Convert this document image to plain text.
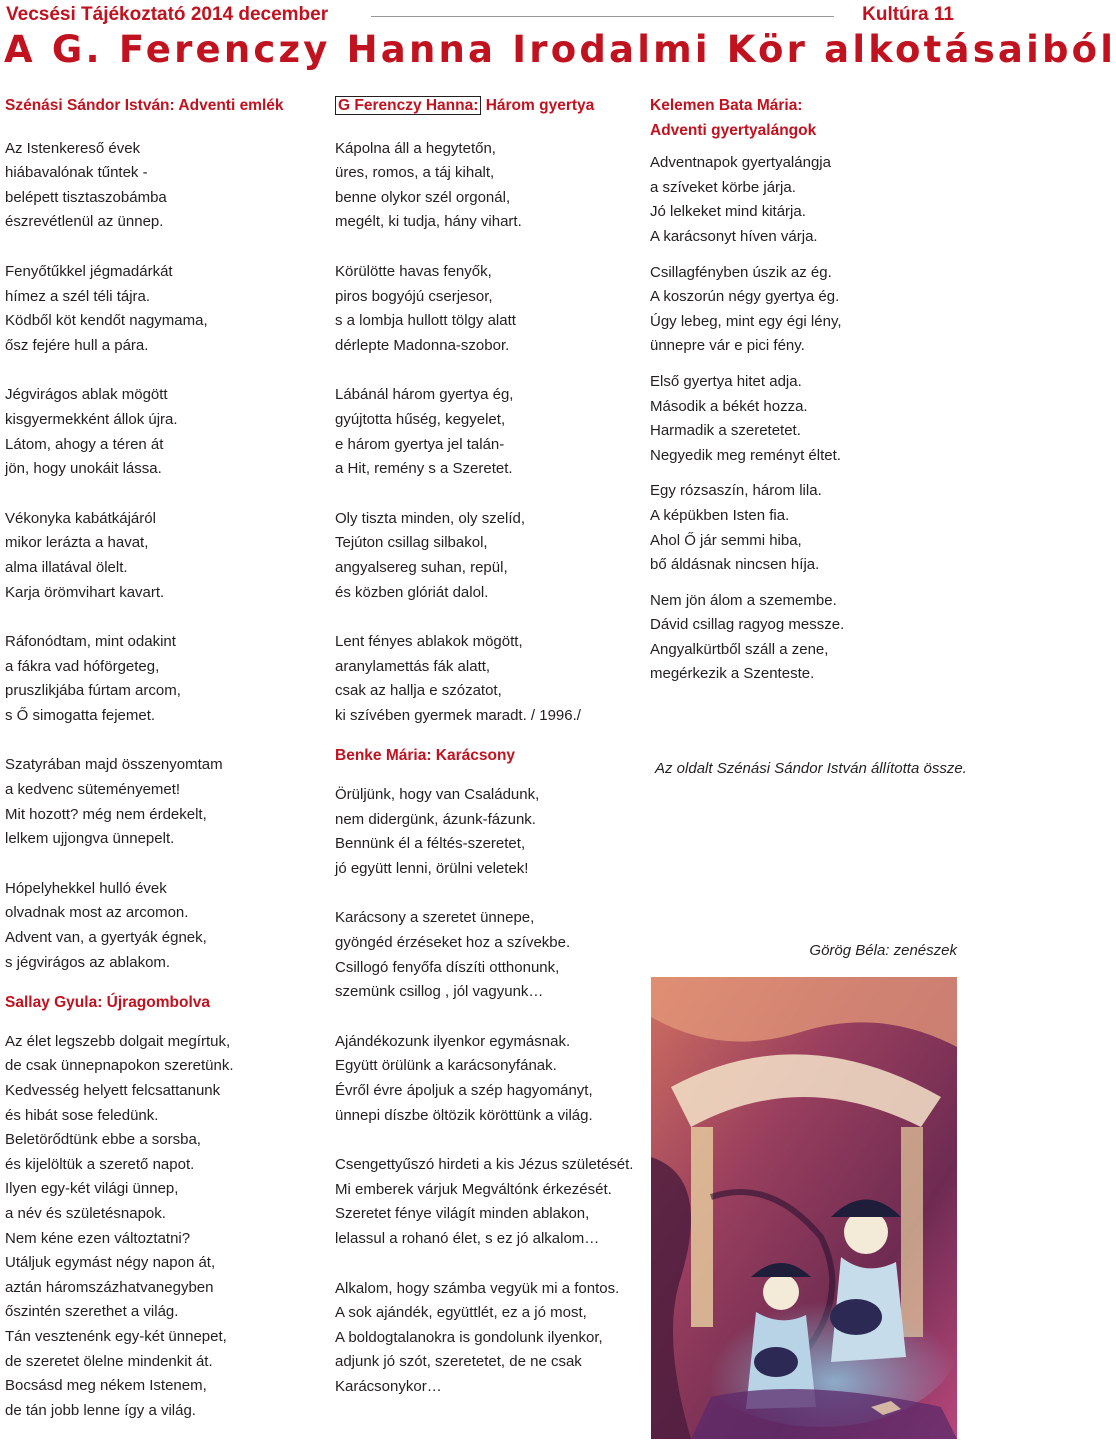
Vecsési Tájékoztató 2014 december	Kultúra 11
A G. Ferenczy Hanna Irodalmi Kör alkotásaiból

Szénási Sándor István: Adventi emlék

Az Istenkereső évek
hiábavalónak tűntek -
belépett tisztaszobámba
észrevétlenül az ünnep.
Fenyőtűkkel jégmadárkát
hímez a szél téli tájra.
Ködből köt kendőt nagymama,
ősz fejére hull a pára.
Jégvirágos ablak mögött
kisgyermekként állok újra.
Látom, ahogy a téren át
jön, hogy unokáit lássa.
Vékonyka kabátkájáról
mikor lerázta a havat,
alma illatával ölelt.
Karja örömvihart kavart.
Ráfonódtam, mint odakint
a fákra vad hóförgeteg,
pruszlikjába fúrtam arcom,
s Ő simogatta fejemet.
Szatyrában majd összenyomtam
a kedvenc süteményemet!
Mit hozott? még nem érdekelt,
lelkem ujjongva ünnepelt.
Hópelyhekkel hulló évek
olvadnak most az arcomon.
Advent van, a gyertyák égnek,
s jégvirágos az ablakom.

Sallay Gyula: Újragombolva

Az élet legszebb dolgait megírtuk,
de csak ünnepnapokon szeretünk.
Kedvesség helyett felcsattanunk
és hibát sose feledünk.
Beletörődtünk ebbe a sorsba,
és kijelöltük a szerető napot.
Ilyen egy-két világi ünnep,
a név és születésnapok.
Nem kéne ezen változtatni?
Utáljuk egymást négy napon át,
aztán háromszázhatvanegyben
őszintén szerethet a világ.
Tán vesztenénk egy-két ünnepet,
de szeretet ölelne mindenkit át.
Bocsásd meg nékem Istenem,
de tán jobb lenne így a világ.

G Ferenczy Hanna: Három gyertya

Kápolna áll a hegytetőn,
üres, romos, a táj kihalt,
benne olykor szél orgonál,
megélt, ki tudja, hány vihart.
Körülötte havas fenyők,
piros bogyójú cserjesor,
s a lombja hullott tölgy alatt
dérlepte Madonna-szobor.
Lábánál három gyertya ég,
gyújtotta hűség, kegyelet,
e három gyertya jel talán-
a Hit, remény s a Szeretet.
Oly tiszta minden, oly szelíd,
Tejúton csillag silbakol,
angyalsereg suhan, repül,
és közben glóriát dalol.
Lent fényes ablakok mögött,
aranylamettás fák alatt,
csak az hallja e szózatot,
ki szívében gyermek maradt. / 1996./

Benke Mária: Karácsony

Örüljünk, hogy van Családunk,
nem didergünk, ázunk-fázunk.
Bennünk él a féltés-szeretet,
jó együtt lenni, örülni veletek!
Karácsony a szeretet ünnepe,
gyöngéd érzéseket hoz a szívekbe.
Csillogó fenyőfa díszíti otthonunk,
szemünk csillog , jól vagyunk…
Ajándékozunk ilyenkor egymásnak.
Együtt örülünk a karácsonyfának.
Évről évre ápoljuk a szép hagyományt,
ünnepi díszbe öltözik köröttünk a világ.
Csengettyűszó hirdeti a kis Jézus születését.
Mi emberek várjuk Megváltónk érkezését.
Szeretet fénye világít minden ablakon,
lelassul a rohanó élet, s ez jó alkalom…
Alkalom, hogy számba vegyük mi a fontos.
A sok ajándék, együttlét, ez a jó most,
A boldogtalanokra is gondolunk ilyenkor,
adjunk jó szót, szeretetet, de ne csak
Karácsonykor…

Kelemen Bata Mária:
Adventi gyertyalángok

Adventnapok gyertyalángja
a szíveket körbe járja.
Jó lelkeket mind kitárja.
A karácsonyt híven várja.
Csillagfényben úszik az ég.
A koszorún négy gyertya ég.
Úgy lebeg, mint egy égi lény,
ünnepre vár e pici fény.
Első gyertya hitet adja.
Második a békét hozza.
Harmadik a szeretetet.
Negyedik meg reményt éltet.
Egy rózsaszín, három lila.
A képükben Isten fia.
Ahol Ő jár semmi hiba,
bő áldásnak nincsen híja.
Nem jön álom a szemembe.
Dávid csillag ragyog messze.
Angyalkürtből száll a zene,
megérkezik a Szenteste.
Az oldalt Szénási Sándor István állította össze.
Görög Béla: zenészek
